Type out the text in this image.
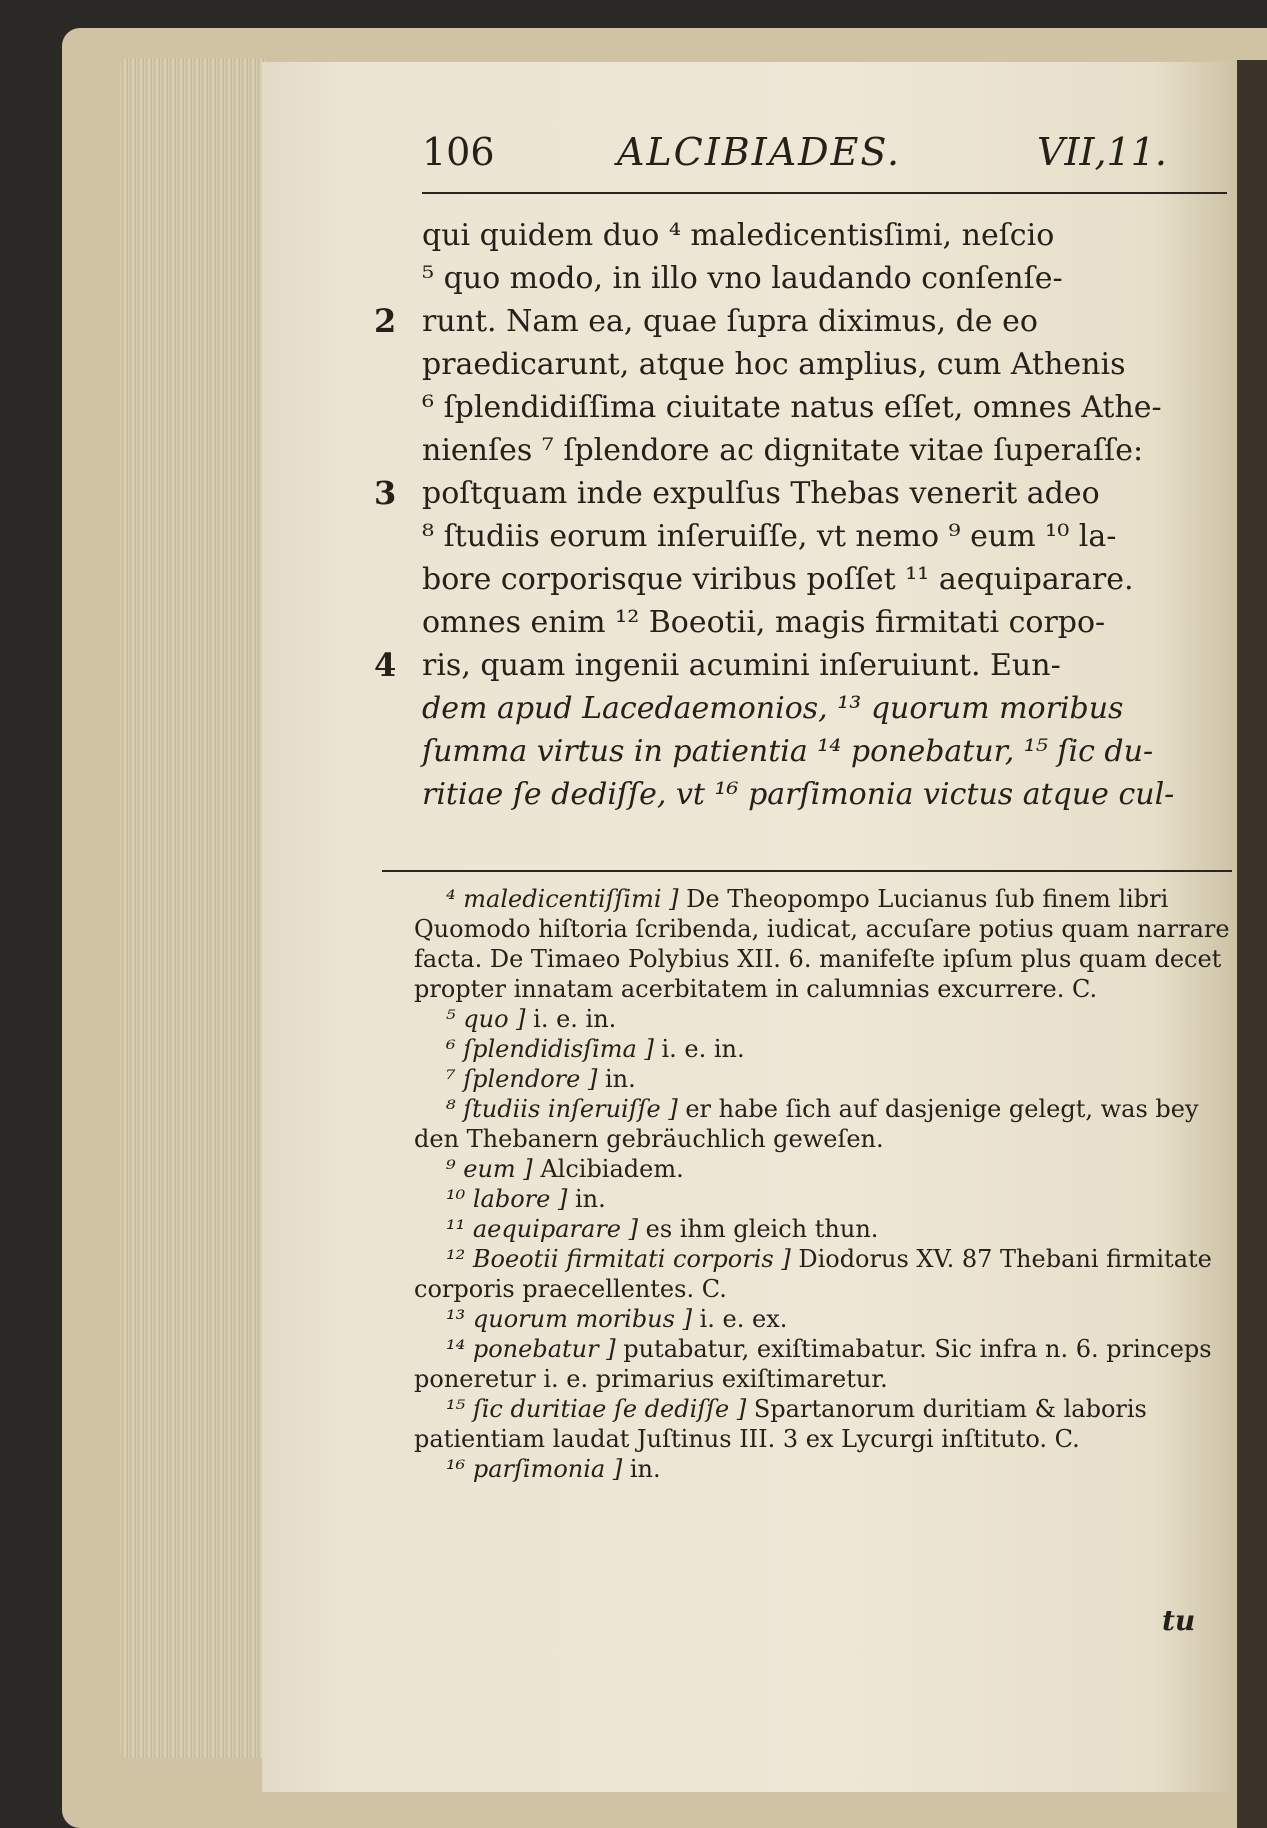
106	ALCIBIADES.	VII,11.
qui quidem duo ⁴ maledicentisſimi, neſcio
⁵ quo modo, in illo vno laudando conſenſe-
2 runt. Nam ea, quae ſupra diximus, de eo
praedicarunt, atque hoc amplius, cum Athenis
⁶ ſplendidiſſima ciuitate natus eſſet, omnes Athe-
nienſes ⁷ ſplendore ac dignitate vitae ſuperaſſe:
3 poſtquam inde expulſus Thebas venerit adeo
⁸ ſtudiis eorum inſeruiſſe, vt nemo ⁹ eum ¹⁰ la-
bore corporisque viribus poſſet ¹¹ aequiparare.
omnes enim ¹² Boeotii, magis firmitati corpo-
4 ris, quam ingenii acumini inſeruiunt. Eun-
dem apud Lacedaemonios, ¹³ quorum moribus
ſumma virtus in patientia ¹⁴ ponebatur, ¹⁵ ſic du-
ritiae ſe dediſſe, vt ¹⁶ parſimonia victus atque cul-
⁴ maledicentiſſimi ] De Theopompo Lucianus ſub finem libri Quomodo hiſtoria ſcribenda, iudicat, accuſare potius quam narrare facta. De Timaeo Polybius XII. 6. manifeſte ipſum plus quam decet propter innatam acerbitatem in calumnias excurrere. C.
⁵ quo ] i. e. in.
⁶ ſplendidisſima ] i. e. in.
⁷ ſplendore ] in.
⁸ ſtudiis inſeruiſſe ] er habe ſich auf dasjenige gelegt, was bey den Thebanern gebräuchlich geweſen.
⁹ eum ] Alcibiadem.
¹⁰ labore ] in.
¹¹ aequiparare ] es ihm gleich thun.
¹² Boeotii firmitati corporis ] Diodorus XV. 87 Thebani firmitate corporis praecellentes. C.
¹³ quorum moribus ] i. e. ex.
¹⁴ ponebatur ] putabatur, exiſtimabatur. Sic infra n. 6. princeps poneretur i. e. primarius exiſtimaretur.
¹⁵ ſic duritiae ſe dediſſe ] Spartanorum duritiam & laboris patientiam laudat Juſtinus III. 3 ex Lycurgi inſtituto. C.
¹⁶ parſimonia ] in.
tu
